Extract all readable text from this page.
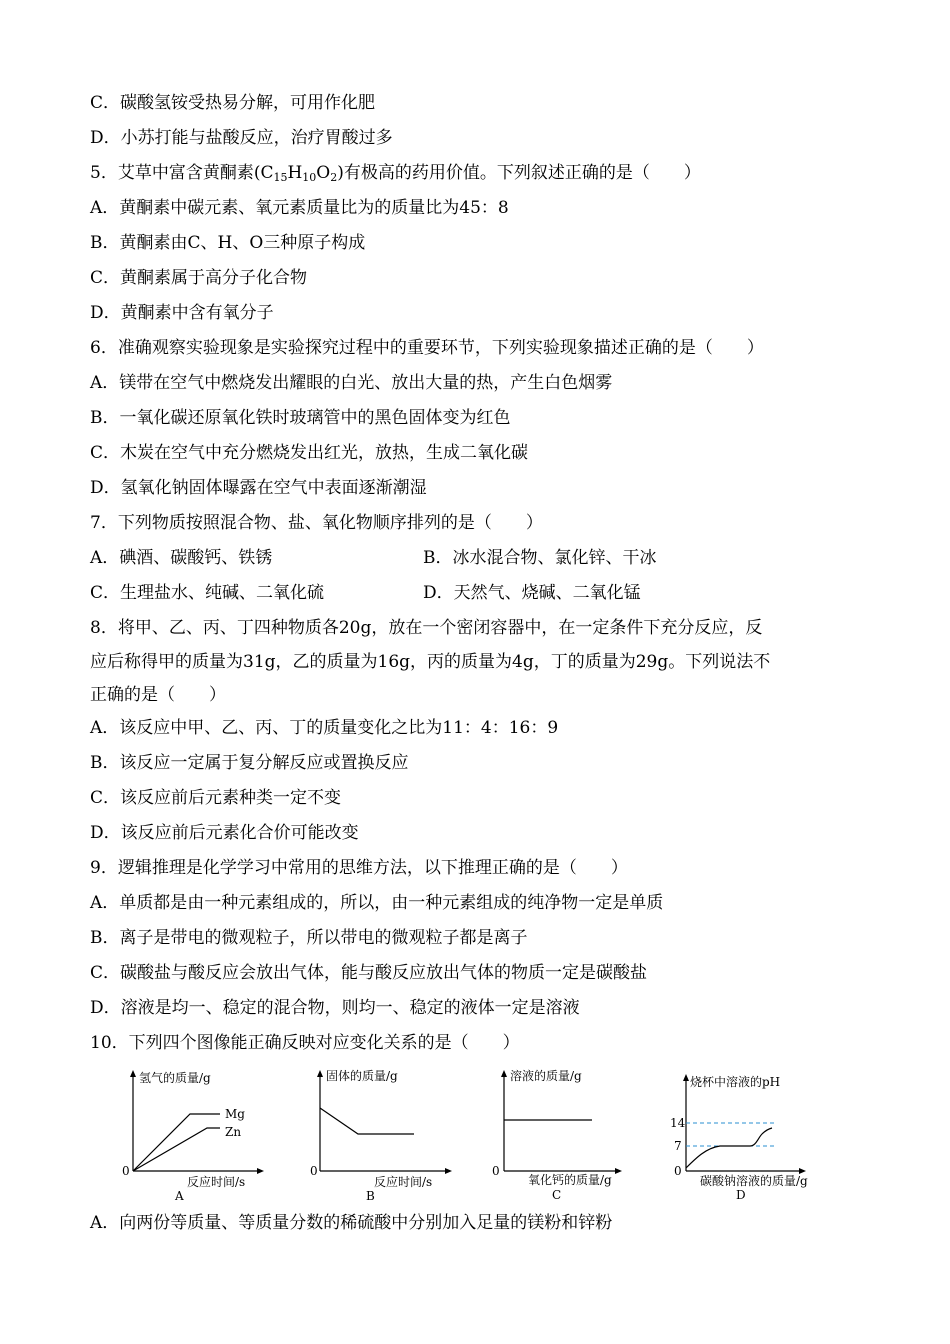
C．碳酸氢铵受热易分解，可用作化肥
D．小苏打能与盐酸反应，治疗胃酸过多
5．艾草中富含黄酮素$(C_{15}H_{10}O_2)$有极高的药用价值。下列叙述正确的是（　　）
A．黄酮素中碳元素、氧元素质量比为的质量比为45：8
B．黄酮素由C、H、O三种原子构成
C．黄酮素属于高分子化合物
D．黄酮素中含有氧分子
6．准确观察实验现象是实验探究过程中的重要环节，下列实验现象描述正确的是（　　）
A．镁带在空气中燃烧发出耀眼的白光、放出大量的热，产生白色烟雾
B．一氧化碳还原氧化铁时玻璃管中的黑色固体变为红色
C．木炭在空气中充分燃烧发出红光，放热，生成二氧化碳
D．氢氧化钠固体曝露在空气中表面逐渐潮湿
7．下列物质按照混合物、盐、氧化物顺序排列的是（　　）
A．碘酒、碳酸钙、铁锈	B．冰水混合物、氯化锌、干冰
C．生理盐水、纯碱、二氧化硫	D．天然气、烧碱、二氧化锰
8．将甲、乙、丙、丁四种物质各20g，放在一个密闭容器中，在一定条件下充分反应，反
应后称得甲的质量为31g，乙的质量为16g，丙的质量为4g，丁的质量为29g。下列说法不
正确的是（　　）
A．该反应中甲、乙、丙、丁的质量变化之比为11：4：16：9
B．该反应一定属于复分解反应或置换反应
C．该反应前后元素种类一定不变
D．该反应前后元素化合价可能改变
9．逻辑推理是化学学习中常用的思维方法，以下推理正确的是（　　）
A．单质都是由一种元素组成的，所以，由一种元素组成的纯净物一定是单质
B．离子是带电的微观粒子，所以带电的微观粒子都是离子
C．碳酸盐与酸反应会放出气体，能与酸反应放出气体的物质一定是碳酸盐
D．溶液是均一、稳定的混合物，则均一、稳定的液体一定是溶液
10．下列四个图像能正确反映对应变化关系的是（　　）
氢气的质量/g
Mg
Zn
0
反应时间/s
A
固体的质量/g
0
反应时间/s
B
溶液的质量/g
0
氧化钙的质量/g
C
烧杯中溶液的pH
14
7
0
碳酸钠溶液的质量/g
D
A．向两份等质量、等质量分数的稀硫酸中分别加入足量的镁粉和锌粉
